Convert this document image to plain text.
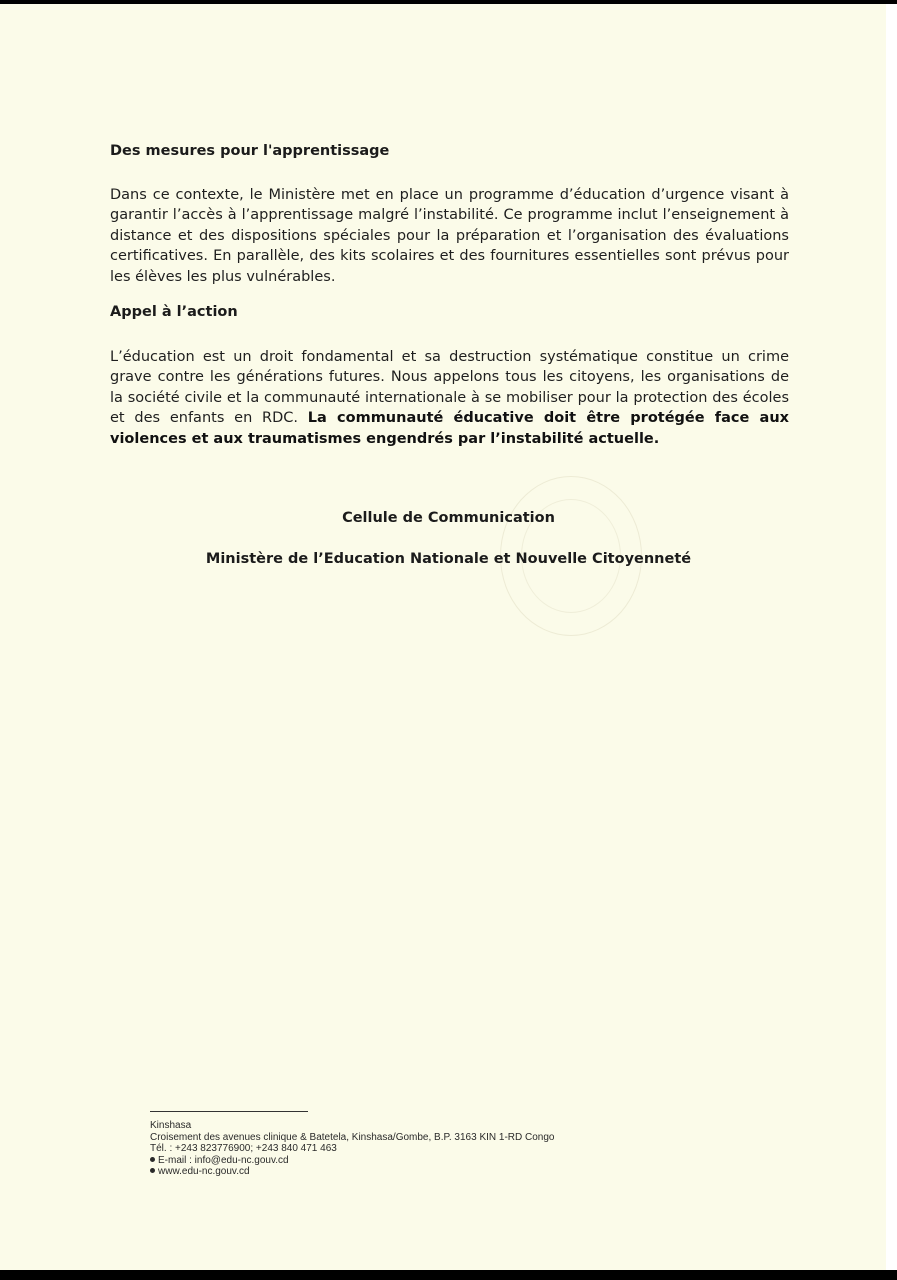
Des mesures pour l'apprentissage

Dans ce contexte, le Ministère met en place un programme d’éducation d’urgence visant à garantir l’accès à l’apprentissage malgré l’instabilité. Ce programme inclut l’enseignement à distance et des dispositions spéciales pour la préparation et l’organisation des évaluations certificatives. En parallèle, des kits scolaires et des fournitures essentielles sont prévus pour les élèves les plus vulnérables.

Appel à l’action

L’éducation est un droit fondamental et sa destruction systématique constitue un crime grave contre les générations futures. Nous appelons tous les citoyens, les organisations de la société civile et la communauté internationale à se mobiliser pour la protection des écoles et des enfants en RDC. La communauté éducative doit être protégée face aux violences et aux traumatismes engendrés par l’instabilité actuelle.

Cellule de Communication

Ministère de l’Education Nationale et Nouvelle Citoyenneté

Kinshasa
Croisement des avenues clinique & Batetela, Kinshasa/Gombe, B.P. 3163 KIN 1-RD Congo
Tél. : +243 823776900; +243 840 471 463
E-mail : info@edu-nc.gouv.cd
www.edu-nc.gouv.cd
